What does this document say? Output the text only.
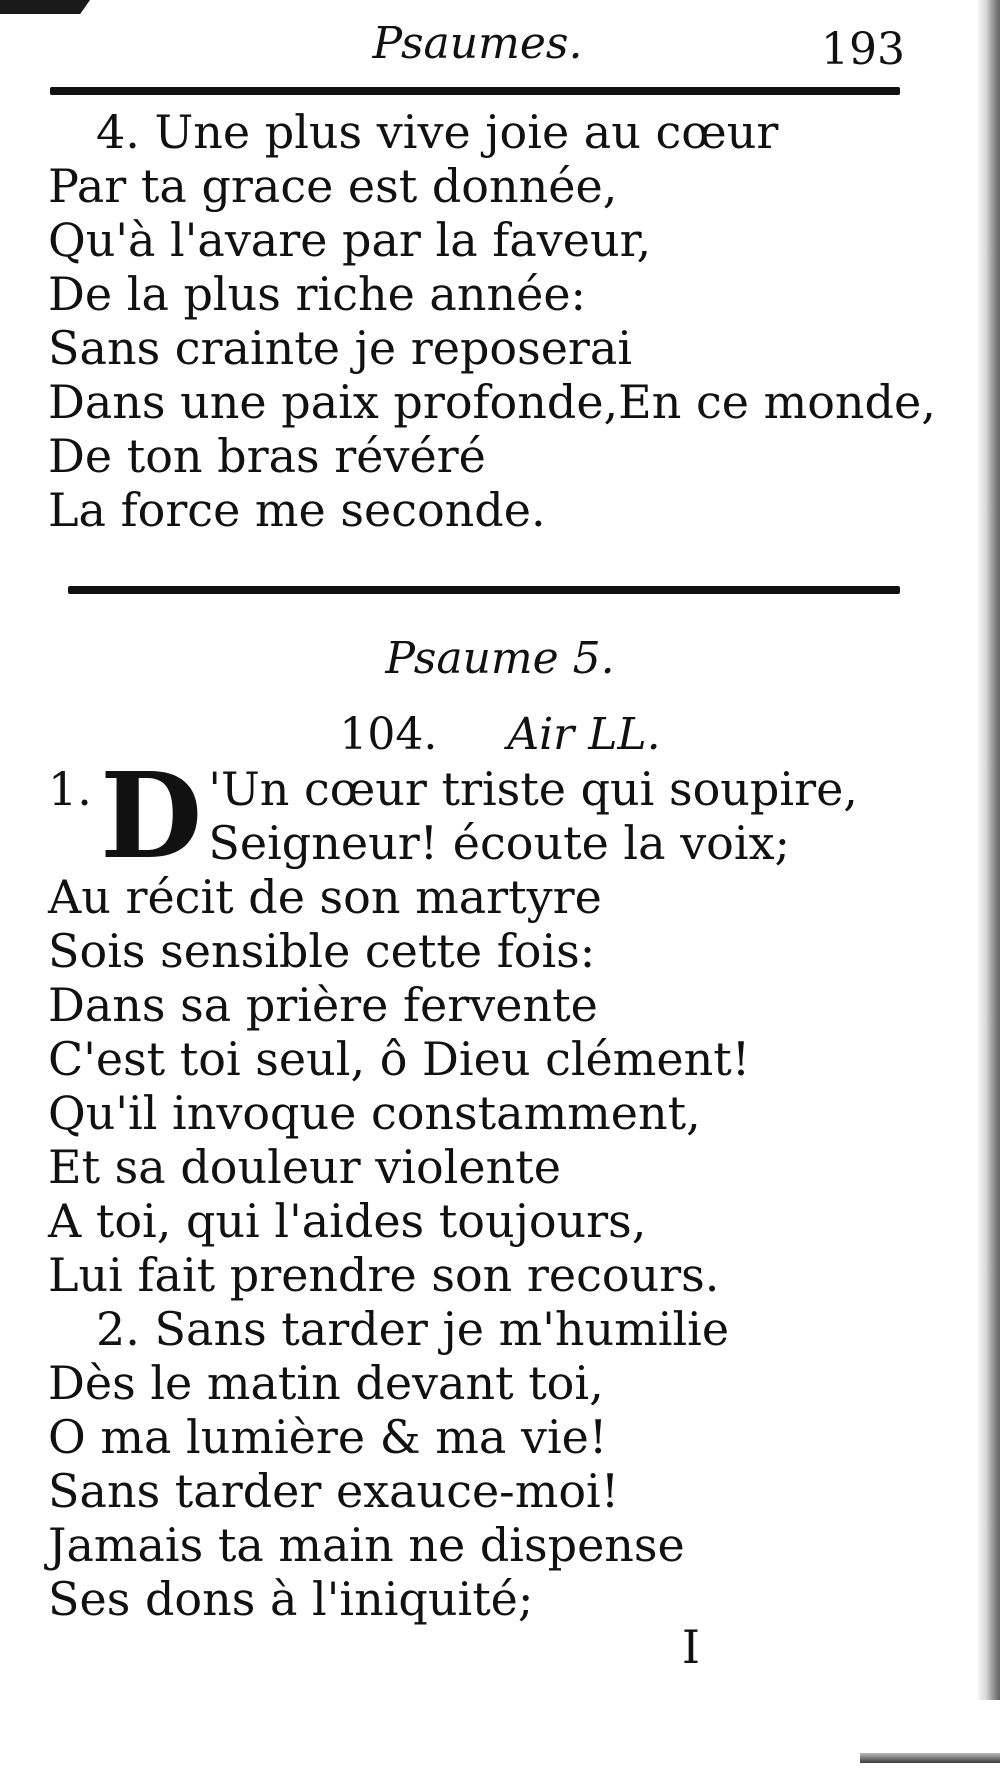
Psaumes.	193
4. Une plus vive joie au cœur
Par ta grace est donnée,
Qu'à l'avare par la faveur,
De la plus riche année:
Sans crainte je reposerai
Dans une paix profonde, En ce monde,
De ton bras révéré
La force me seconde.
Psaume 5.
104. Air LL.
1. D 'Un cœur triste qui soupire,
Seigneur! écoute la voix;
Au récit de son martyre
Sois sensible cette fois:
Dans sa prière fervente
C'est toi seul, ô Dieu clément!
Qu'il invoque constamment,
Et sa douleur violente
A toi, qui l'aides toujours,
Lui fait prendre son recours.
2. Sans tarder je m'humilie
Dès le matin devant toi,
O ma lumière & ma vie!
Sans tarder exauce-moi!
Jamais ta main ne dispense
Ses dons à l'iniquité;
I
